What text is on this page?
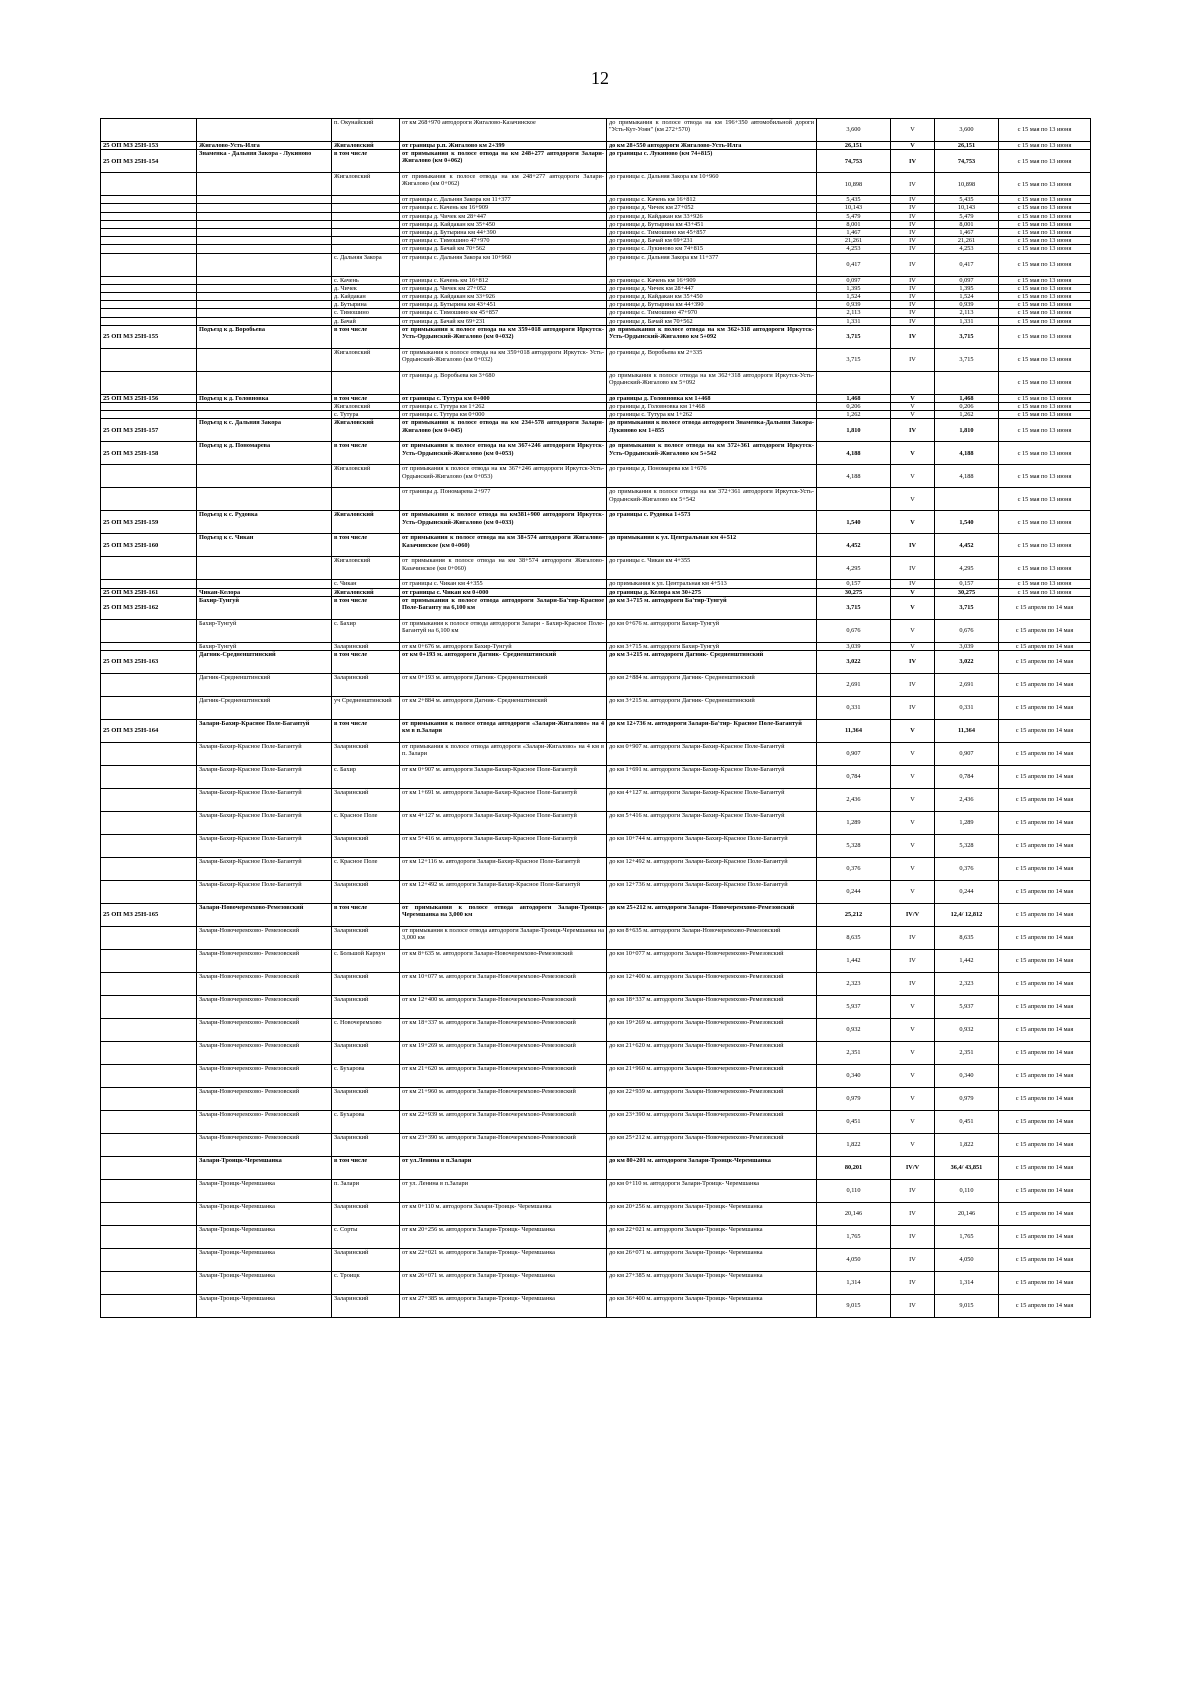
12
		п. Окунайский	от км 268+970 автодороги Жигалово-Казачинское	до примыкания к полосе отвода на км 196+350 автомобильной дороги "Усть-Кут-Уоян" (км 272+570)	3,600	V	3,600	с 15 мая по 13 июня
25 ОП МЗ 25Н-153	Жигалово-Усть-Илга	Жигаловский	от границы р.п. Жигалово км 2+399	до км 28+550 автодороги Жигалово-Усть-Илга	26,151	V	26,151	с 15 мая по 13 июня
25 ОП МЗ 25Н-154	Знаменка - Дальняя Закора - Лукиново	в том числе	от примыкания к полосе отвода на км 248+277 автодороги Залари-Жигалово (км 0+062)	до границы с. Лукиново (км 74+815)	74,753	IV	74,753	с 15 мая по 13 июня
		Жигаловский	от примыкания к полосе отвода на км 248+277 автодороги Залари-Жигалово (км 0+062)	до границы с. Дальняя Закора км 10+960	10,898	IV	10,898	с 15 мая по 13 июня
			от границы с. Дальняя Закора км 11+377	до границы с. Качень км 16+812	5,435	IV	5,435	с 15 мая по 13 июня
			от границы с. Качень км 16+909	до границы д. Чичек км 27+052	10,143	IV	10,143	с 15 мая по 13 июня
			от границы д. Чичек км 28+447	до границы д. Кайдакан км 33+926	5,479	IV	5,479	с 15 мая по 13 июня
			от границы д. Кайдакан км 35+450	до границы д. Бутырина км 43+451	8,001	IV	8,001	с 15 мая по 13 июня
			от границы д. Бутырина км 44+390	до границы с. Тимошино км 45+857	1,467	IV	1,467	с 15 мая по 13 июня
			от границы с. Тимошино 47+970	до границы д. Бачай км 69+231	21,261	IV	21,261	с 15 мая по 13 июня
			от границы д. Бачай км 70+562	до границы с. Лукиново км 74+815	4,253	IV	4,253	с 15 мая по 13 июня
		с. Дальняя Закора	от границы с. Дальняя Закора км 10+960	до границы с. Дальняя Закора км 11+377	0,417	IV	0,417	с 15 мая по 13 июня
		с. Качень	от границы с. Качень км 16+812	до границы с. Качень км 16+909	0,097	IV	0,097	с 15 мая по 13 июня
		д. Чичек	от границы д. Чичек км 27+052	до границы д. Чичек км 28+447	1,395	IV	1,395	с 15 мая по 13 июня
		д. Кайдакан	от границы д. Кайдакан км 33+926	до границы д. Кайдакан км 35+450	1,524	IV	1,524	с 15 мая по 13 июня
		д. Бутырина	от границы д. Бутырина км 43+451	до границы д. Бутырина км 44+390	0,939	IV	0,939	с 15 мая по 13 июня
		с. Тимошино	от границы с. Тимошино км 45+857	до границы с. Тимошино 47+970	2,113	IV	2,113	с 15 мая по 13 июня
		д. Бачай	от границы д. Бачай км 69+231	до границы д. Бачай км 70+562	1,331	IV	1,331	с 15 мая по 13 июня
25 ОП МЗ 25Н-155	Подъезд к д. Воробьева	в том числе	от примыкания к полосе отвода на км 359+018 автодороги Иркутск- Усть-Ордынский-Жигалово (км 0+032)	до примыкания к полосе отвода на км 362+318 автодороги Иркутск-Усть-Ордынский-Жигалово км 5+092	3,715	IV	3,715	с 15 мая по 13 июня
		Жигаловский	от примыкания к полосе отвода на км 359+018 автодороги Иркутск- Усть-Ордынский-Жигалово (км 0+032)	до границы д. Воробьева км 2+335	3,715	IV	3,715	с 15 мая по 13 июня
			от границы д. Воробьева км 3+680	до примыкания к полосе отвода на км 362+318 автодороги Иркутск-Усть-Ордынский-Жигалово км 5+092				с 15 мая по 13 июня
25 ОП МЗ 25Н-156	Подъезд к д. Головновка	в том числе	от границы с. Тутура км 0+000	до границы д. Головновка км 1+468	1,468	V	1,468	с 15 мая по 13 июня
		Жигаловский	от границы с. Тутура км 1+262	до границы д. Головновка км 1+468	0,206	V	0,206	с 15 мая по 13 июня
		с. Тутура	от границы с. Тутура км 0+000	до границы с. Тутура км 1+262	1,262	V	1,262	с 15 мая по 13 июня
25 ОП МЗ 25Н-157	Подъезд к с. Дальняя Закора	Жигаловский	от примыкания к полосе отвода на км 234+578 автодороги Залари-Жигалово (км 0+045)	до примыкания к полосе отвода автодороги Знаменка-Дальняя Закора-Лукиново км 1+855	1,810	IV	1,810	с 15 мая по 13 июня
25 ОП МЗ 25Н-158	Подъезд к д. Пономарева	в том числе	от примыкания к полосе отвода на км 367+246 автодороги Иркутск-Усть-Ордынский-Жигалово (км 0+053)	до примыкания к полосе отвода на км 372+361 автодороги Иркутск-Усть-Ордынский-Жигалово км 5+542	4,188	V	4,188	с 15 мая по 13 июня
		Жигаловский	от примыкания к полосе отвода на км 367+246 автодороги Иркутск-Усть-Ордынский-Жигалово (км 0+053)	до границы д. Пономарева км 1+676	4,188	V	4,188	с 15 мая по 13 июня
			от границы д. Пономарева 2+977	до примыкания к полосе отвода на км 372+361 автодороги Иркутск-Усть-Ордынский-Жигалово км 5+542		V		с 15 мая по 13 июня
25 ОП МЗ 25Н-159	Подъезд к с. Рудовка	Жигаловский	от примыкания к полосе отвода на км381+900 автодороги Иркутск-Усть-Ордынский-Жигалово (км 0+033)	до границы с. Рудовка 1+573	1,540	V	1,540	с 15 мая по 13 июня
25 ОП МЗ 25Н-160	Подъезд к с. Чикан	в том числе	от примыкания к полосе отвода на км 38+574 автодороги Жигалово-Казачинское (км 0+060)	до примыкания к ул. Центральная км 4+512	4,452	IV	4,452	с 15 мая по 13 июня
		Жигаловский	от примыкания к полосе отвода на км 38+574 автодороги Жигалово-Казачинское (км 0+060)	до границы с. Чикан км 4+355	4,295	IV	4,295	с 15 мая по 13 июня
		с. Чикан	от границы с. Чикан км 4+355	до примыкания к ул. Центральная км 4+513	0,157	IV	0,157	с 15 мая по 13 июня
25 ОП МЗ 25Н-161	Чикан-Келора	Жигаловский	от границы с. Чикан км 0+000	до границы д. Келора км 30+275	30,275	V	30,275	с 15 мая по 13 июня
25 ОП МЗ 25Н-162	Бахир-Тунгуй	в том числе	от примыкания к полосе отвода автодороги Залари-Ба'тир-Красное Поле-Баганту на 6,100 км	до км 3+715 м. автодороги Ба'тир-Тунгуй	3,715	V	3,715	с 15 апреля по 14 мая
	Бахир-Тунгуй	с. Бахир	от примыкания к полосе отвода автодороги Залари - Бахир-Красное Поле-Багантуй на 6,100 км	до км 0+676 м. автодороги Бахир-Тунгуй	0,676	V	0,676	с 15 апреля по 14 мая
	Бахир-Тунгуй	Заларинский	от км 0+676 м. автодороги Бахир-Тунгуй	до км 3+715 м. автодороги Бахир-Тунгуй	3,039	V	3,039	с 15 апреля по 14 мая
25 ОП МЗ 25Н-163	Дагник-Средненштинский	в том числе	от км 0+193 м. автодороги Дагник- Средненштинский	до км 3+215 м. автодороги Дагник- Средненштинский	3,022	IV	3,022	с 15 апреля по 14 мая
	Дагник-Средненштинский	Заларинский	от км 0+193 м. автодороги Дагник- Средненштинский	до км 2+884 м. автодороги Дагник- Средненштинский	2,691	IV	2,691	с 15 апреля по 14 мая
	Дагник-Средненштинский	уч Средненштинский	от км 2+884 м. автодороги Дагник- Средненштинский	до км 3+215 м. автодороги Дагник- Средненштинский	0,331	IV	0,331	с 15 апреля по 14 мая
25 ОП МЗ 25Н-164	Залари-Бахир-Красное Поле-Багантуй	в том числе	от примыкания к полосе отвода автодороги «Залари-Жигалово» на 4 км в п.Залари	до км 12+736 м. автодороги Залари-Ба'тир- Красное Поле-Багантуй	11,364	V	11,364	с 15 апреля по 14 мая
	Залари-Бахир-Красное Поле-Багантуй	Заларинский	от примыкания к полосе отвода автодороги «Залари-Жигалово» на 4 км в п. Залари	до км 0+907 м. автодороги Залари-Бахир-Красное Поле-Багантуй	0,907	V	0,907	с 15 апреля по 14 мая
	Залари-Бахир-Красное Поле-Багантуй	с. Бахир	от км 0+907 м. автодороги Залари-Бахир-Красное Поле-Багантуй	до км 1+691 м. автодороги Залари-Бахир-Красное Поле-Багантуй	0,784	V	0,784	с 15 апреля по 14 мая
	Залари-Бахир-Красное Поле-Багантуй	Заларинский	от км 1+691 м. автодороги Залари-Бахир-Красное Поле-Багантуй	до км 4+127 м. автодороги Залари-Бахир-Красное Поле-Багантуй	2,436	V	2,436	с 15 апреля по 14 мая
	Залари-Бахир-Красное Поле-Багантуй	с. Красное Поле	от км 4+127 м. автодороги Залари-Бахир-Красное Поле-Багантуй	до км 5+416 м. автодороги Залари-Бахир-Красное Поле-Багантуй	1,289	V	1,289	с 15 апреля по 14 мая
	Залари-Бахир-Красное Поле-Багантуй	Заларинский	от км 5+416 м. автодороги Залари-Бахир-Красное Поле-Багантуй	до км 10+744 м. автодороги Залари-Бахир-Красное Поле-Багантуй	5,328	V	5,328	с 15 апреля по 14 мая
	Залари-Бахир-Красное Поле-Багантуй	с. Красное Поле	от км 12+116 м. автодороги Залари-Бахир-Красное Поле-Багантуй	до км 12+492 м. автодороги Залари-Бахир-Красное Поле-Багантуй	0,376	V	0,376	с 15 апреля по 14 мая
	Залари-Бахир-Красное Поле-Багантуй	Заларинский	от км 12+492 м. автодороги Залари-Бахир-Красное Поле-Багантуй	до км 12+736 м. автодороги Залари-Бахир-Красное Поле-Багантуй	0,244	V	0,244	с 15 апреля по 14 мая
25 ОП МЗ 25Н-165	Залари-Новочеремхово-Ремезовский	в том числе	от примыкания к полосе отвода автодороги Залари-Троицк-Черемшанка на 3,000 км	до км 25+212 м. автодороги Залари- Новочеремхово-Ремезовский	25,212	IV/V	12,4/ 12,812	с 15 апреля по 14 мая
	Залари-Новочеремхово- Ремезовский	Заларинский	от примыкания к полосе отвода автодороги Залари-Троицк-Черемшанка на 3,000 км	до км 8+635 м. автодороги Залари-Новочеремхово-Ремезовский	8,635	IV	8,635	с 15 апреля по 14 мая
	Залари-Новочеремхово- Ремезовский	с. Большой Кархун	от км 8+635 м. автодороги Залари-Новочеремхово-Ремезовский	до км 10+077 м. автодороги Залари-Новочеремхово-Ремезовский	1,442	IV	1,442	с 15 апреля по 14 мая
	Залари-Новочеремхово- Ремезовский	Заларинский	от км 10+077 м. автодороги Залари-Новочеремхово-Ремезовский	до км 12+400 м. автодороги Залари-Новочеремхово-Ремезовский	2,323	IV	2,323	с 15 апреля по 14 мая
	Залари-Новочеремхово- Ремезовский	Заларинский	от км 12+400 м. автодороги Залари-Новочеремхово-Ремезовский	до км 18+337 м. автодороги Залари-Новочеремхово-Ремезовский	5,937	V	5,937	с 15 апреля по 14 мая
	Залари-Новочеремхово- Ремезовский	с. Новочеремхово	от км 18+337 м. автодороги Залари-Новочеремхово-Ремезовский	до км 19+269 м. автодороги Залари-Новочеремхово-Ремезовский	0,932	V	0,932	с 15 апреля по 14 мая
	Залари-Новочеремхово- Ремезовский	Заларинский	от км 19+269 м. автодороги Залари-Новочеремхово-Ремезовский	до км 21+620 м. автодороги Залари-Новочеремхово-Ремезовский	2,351	V	2,351	с 15 апреля по 14 мая
	Залари-Новочеремхово- Ремезовский	с. Бухарова	от км 21+620 м. автодороги Залари-Новочеремхово-Ремезовский	до км 21+960 м. автодороги Залари-Новочеремхово-Ремезовский	0,340	V	0,340	с 15 апреля по 14 мая
	Залари-Новочеремхово- Ремезовский	Заларинский	от км 21+960 м. автодороги Залари-Новочеремхово-Ремезовский	до км 22+939 м. автодороги Залари-Новочеремхово-Ремезовский	0,979	V	0,979	с 15 апреля по 14 мая
	Залари-Новочеремхово- Ремезовский	с. Бухарова	от км 22+939 м. автодороги Залари-Новочеремхово-Ремезовский	до км 23+390 м. автодороги Залари-Новочеремхово-Ремезовский	0,451	V	0,451	с 15 апреля по 14 мая
	Залари-Новочеремхово- Ремезовский	Заларинский	от км 23+390 м. автодороги Залари-Новочеремхово-Ремезовский	до км 25+212 м. автодороги Залари-Новочеремхово-Ремезовский	1,822	V	1,822	с 15 апреля по 14 мая
	Залари-Троицк-Черемшанка	в том числе	от ул.Ленина в п.Залари	до км 80+201 м. автодороги Залари-Троицк-Черемшанка	80,201	IV/V	36,4/ 43,851	с 15 апреля по 14 мая
	Залари-Троицк-Черемшанка	п. Залари	от ул. Ленина в п.Залари	до км 0+110 м. автодороги Залари-Троицк- Черемшанка	0,110	IV	0,110	с 15 апреля по 14 мая
	Залари-Троицк-Черемшанка	Заларинский	от км 0+110 м. автодороги Залари-Троицк- Черемшанка	до км 20+256 м. автодороги Залари-Троицк- Черемшанка	20,146	IV	20,146	с 15 апреля по 14 мая
	Залари-Троицк-Черемшанка	с. Сорты	от км 20+256 м. автодороги Залари-Троицк- Черемшанка	до км 22+021 м. автодороги Залари-Троицк- Черемшанка	1,765	IV	1,765	с 15 апреля по 14 мая
	Залари-Троицк-Черемшанка	Заларинский	от км 22+021 м. автодороги Залари-Троицк- Черемшанка	до км 26+071 м. автодороги Залари-Троицк- Черемшанка	4,050	IV	4,050	с 15 апреля по 14 мая
	Залари-Троицк-Черемшанка	с. Троицк	от км 26+071 м. автодороги Залари-Троицк- Черемшанка	до км 27+385 м. автодороги Залари-Троицк- Черемшанка	1,314	IV	1,314	с 15 апреля по 14 мая
	Залари-Троицк-Черемшанка	Заларинский	от км 27+385 м. автодороги Залари-Троицк- Черемшанка	до км 36+400 м. автодороги Залари-Троицк- Черемшанка	9,015	IV	9,015	с 15 апреля по 14 мая
